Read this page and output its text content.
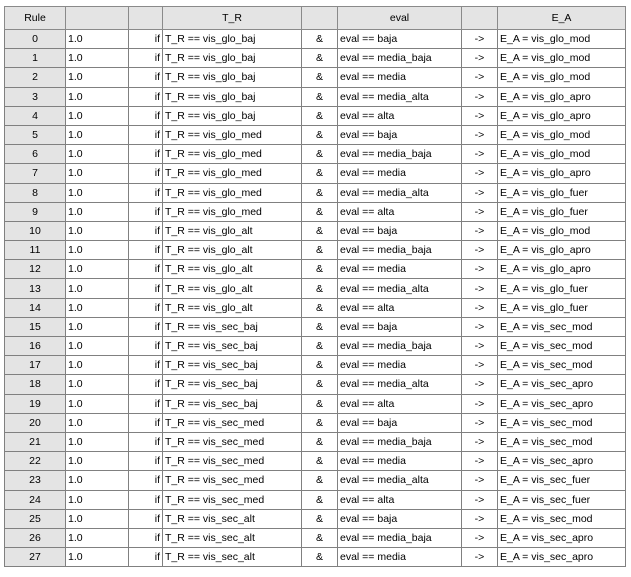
Rule			T_R		eval		E_A
0	1.0	if	T_R == vis_glo_baj	&	eval == baja	->	E_A = vis_glo_mod
1	1.0	if	T_R == vis_glo_baj	&	eval == media_baja	->	E_A = vis_glo_mod
2	1.0	if	T_R == vis_glo_baj	&	eval == media	->	E_A = vis_glo_mod
3	1.0	if	T_R == vis_glo_baj	&	eval == media_alta	->	E_A = vis_glo_apro
4	1.0	if	T_R == vis_glo_baj	&	eval == alta	->	E_A = vis_glo_apro
5	1.0	if	T_R == vis_glo_med	&	eval == baja	->	E_A = vis_glo_mod
6	1.0	if	T_R == vis_glo_med	&	eval == media_baja	->	E_A = vis_glo_mod
7	1.0	if	T_R == vis_glo_med	&	eval == media	->	E_A = vis_glo_apro
8	1.0	if	T_R == vis_glo_med	&	eval == media_alta	->	E_A = vis_glo_fuer
9	1.0	if	T_R == vis_glo_med	&	eval == alta	->	E_A = vis_glo_fuer
10	1.0	if	T_R == vis_glo_alt	&	eval == baja	->	E_A = vis_glo_mod
11	1.0	if	T_R == vis_glo_alt	&	eval == media_baja	->	E_A = vis_glo_apro
12	1.0	if	T_R == vis_glo_alt	&	eval == media	->	E_A = vis_glo_apro
13	1.0	if	T_R == vis_glo_alt	&	eval == media_alta	->	E_A = vis_glo_fuer
14	1.0	if	T_R == vis_glo_alt	&	eval == alta	->	E_A = vis_glo_fuer
15	1.0	if	T_R == vis_sec_baj	&	eval == baja	->	E_A = vis_sec_mod
16	1.0	if	T_R == vis_sec_baj	&	eval == media_baja	->	E_A = vis_sec_mod
17	1.0	if	T_R == vis_sec_baj	&	eval == media	->	E_A = vis_sec_mod
18	1.0	if	T_R == vis_sec_baj	&	eval == media_alta	->	E_A = vis_sec_apro
19	1.0	if	T_R == vis_sec_baj	&	eval == alta	->	E_A = vis_sec_apro
20	1.0	if	T_R == vis_sec_med	&	eval == baja	->	E_A = vis_sec_mod
21	1.0	if	T_R == vis_sec_med	&	eval == media_baja	->	E_A = vis_sec_mod
22	1.0	if	T_R == vis_sec_med	&	eval == media	->	E_A = vis_sec_apro
23	1.0	if	T_R == vis_sec_med	&	eval == media_alta	->	E_A = vis_sec_fuer
24	1.0	if	T_R == vis_sec_med	&	eval == alta	->	E_A = vis_sec_fuer
25	1.0	if	T_R == vis_sec_alt	&	eval == baja	->	E_A = vis_sec_mod
26	1.0	if	T_R == vis_sec_alt	&	eval == media_baja	->	E_A = vis_sec_apro
27	1.0	if	T_R == vis_sec_alt	&	eval == media	->	E_A = vis_sec_apro
